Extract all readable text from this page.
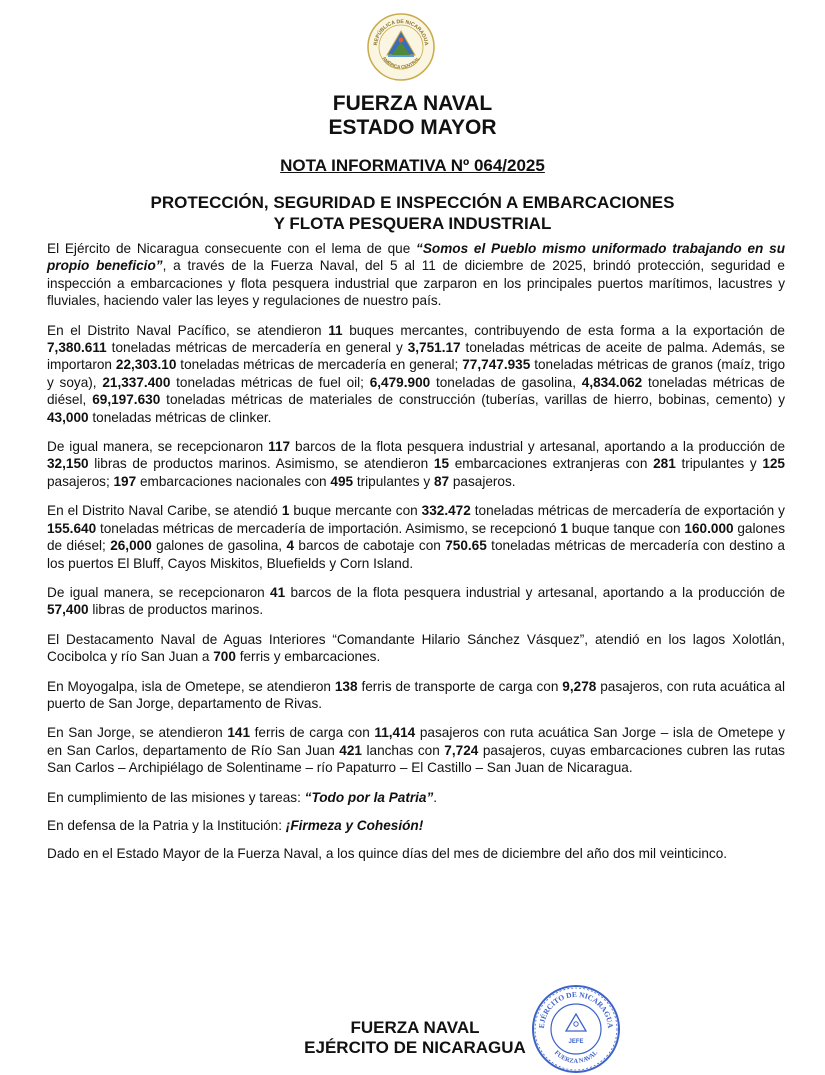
REPÚBLICA DE NICARAGUA
AMÉRICA CENTRAL
FUERZA NAVAL
ESTADO MAYOR
NOTA INFORMATIVA Nº 064/2025
PROTECCIÓN, SEGURIDAD E INSPECCIÓN A EMBARCACIONES
Y FLOTA PESQUERA INDUSTRIAL

El Ejército de Nicaragua consecuente con el lema de que “Somos el Pueblo mismo uniformado trabajando en su propio beneficio”, a través de la Fuerza Naval, del 5 al 11 de diciembre de 2025, brindó protección, seguridad e inspección a embarcaciones y flota pesquera industrial que zarparon en los principales puertos marítimos, lacustres y fluviales, haciendo valer las leyes y regulaciones de nuestro país.

En el Distrito Naval Pacífico, se atendieron 11 buques mercantes, contribuyendo de esta forma a la exportación de 7,380.611 toneladas métricas de mercadería en general y 3,751.17 toneladas métricas de aceite de palma. Además, se importaron 22,303.10 toneladas métricas de mercadería en general; 77,747.935 toneladas métricas de granos (maíz, trigo y soya), 21,337.400 toneladas métricas de fuel oil; 6,479.900 toneladas de gasolina, 4,834.062 toneladas métricas de diésel, 69,197.630 toneladas métricas de materiales de construcción (tuberías, varillas de hierro, bobinas, cemento) y 43,000 toneladas métricas de clinker.

De igual manera, se recepcionaron 117 barcos de la flota pesquera industrial y artesanal, aportando a la producción de 32,150 libras de productos marinos. Asimismo, se atendieron 15 embarcaciones extranjeras con 281 tripulantes y 125 pasajeros; 197 embarcaciones nacionales con 495 tripulantes y 87 pasajeros.

En el Distrito Naval Caribe, se atendió 1 buque mercante con 332.472 toneladas métricas de mercadería de exportación y 155.640 toneladas métricas de mercadería de importación. Asimismo, se recepcionó 1 buque tanque con 160.000 galones de diésel; 26,000 galones de gasolina, 4 barcos de cabotaje con 750.65 toneladas métricas de mercadería con destino a los puertos El Bluff, Cayos Miskitos, Bluefields y Corn Island.

De igual manera, se recepcionaron 41 barcos de la flota pesquera industrial y artesanal, aportando a la producción de 57,400 libras de productos marinos.

El Destacamento Naval de Aguas Interiores “Comandante Hilario Sánchez Vásquez”, atendió en los lagos Xolotlán, Cocibolca y río San Juan a 700 ferris y embarcaciones.

En Moyogalpa, isla de Ometepe, se atendieron 138 ferris de transporte de carga con 9,278 pasajeros, con ruta acuática al puerto de San Jorge, departamento de Rivas.

En San Jorge, se atendieron 141 ferris de carga con 11,414 pasajeros con ruta acuática San Jorge – isla de Ometepe y en San Carlos, departamento de Río San Juan 421 lanchas con 7,724 pasajeros, cuyas embarcaciones cubren las rutas San Carlos – Archipiélago de Solentiname – río Papaturro – El Castillo – San Juan de Nicaragua.

En cumplimiento de las misiones y tareas: “Todo por la Patria”.

En defensa de la Patria y la Institución: ¡Firmeza y Cohesión!

Dado en el Estado Mayor de la Fuerza Naval, a los quince días del mes de diciembre del año dos mil veinticinco.

EJÉRCITO DE NICARAGUA
FUERZA NAVAL
JEFE
FUERZA NAVAL
EJÉRCITO DE NICARAGUA
